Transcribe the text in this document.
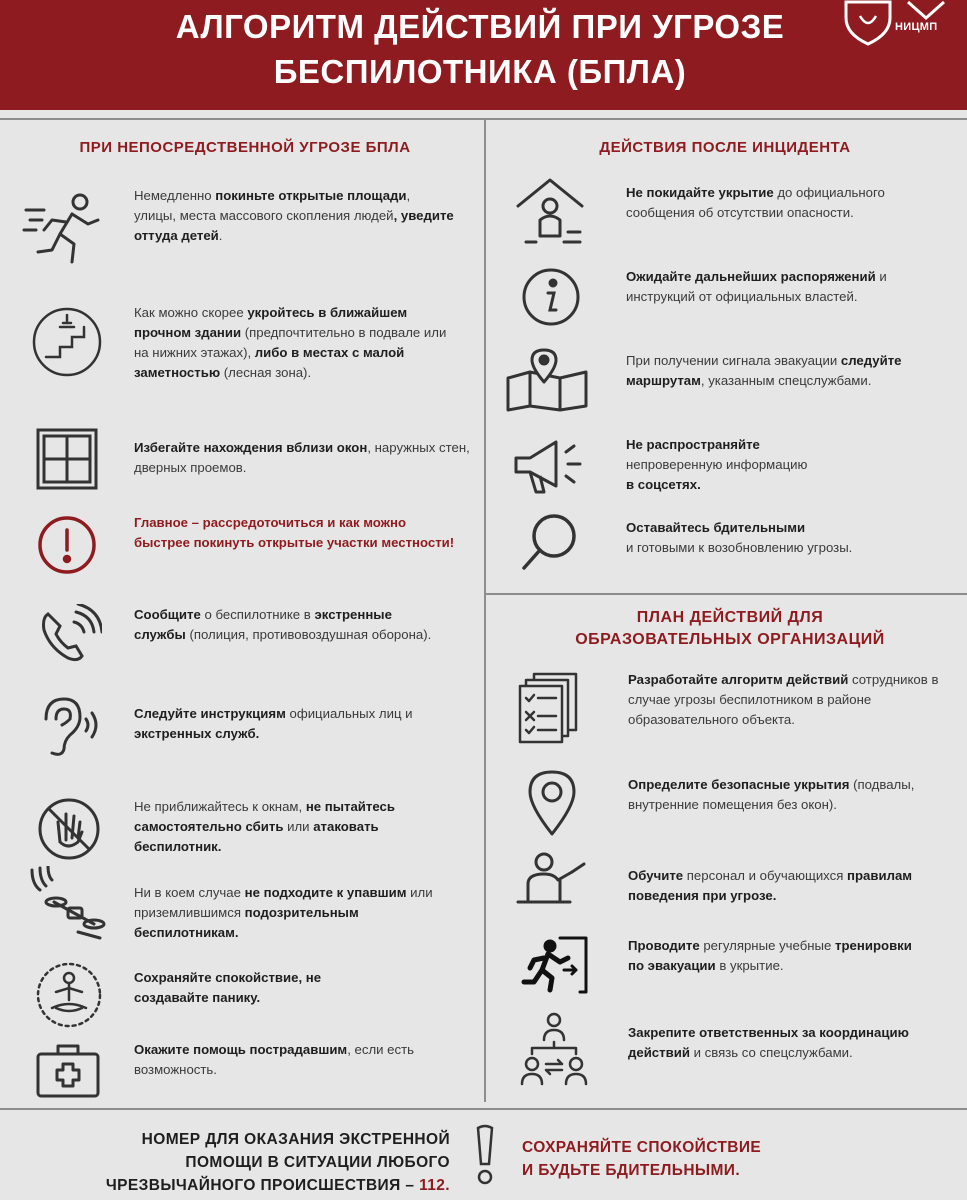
АЛГОРИТМ ДЕЙСТВИЙ ПРИ УГРОЗЕ
БЕСПИЛОТНИКА (БПЛА)
НИЦМП
ПРИ НЕПОСРЕДСТВЕННОЙ УГРОЗЕ БПЛА	ДЕЙСТВИЯ ПОСЛЕ ИНЦИДЕНТА
ПЛАН ДЕЙСТВИЙ ДЛЯ
ОБРАЗОВАТЕЛЬНЫХ ОРГАНИЗАЦИЙ
Немедленно покиньте открытые площади, улицы, места массового скопления людей, уведите оттуда детей.
Как можно скорее укройтесь в ближайшем прочном здании (предпочтительно в подвале или на нижних этажах), либо в местах с малой заметностью (лесная зона).
Избегайте нахождения вблизи окон, наружных стен, дверных проемов.
Главное – рассредоточиться и как можно быстрее покинуть открытые участки местности!
Сообщите о беспилотнике в экстренные службы (полиция, противовоздушная оборона).
Следуйте инструкциям официальных лиц и экстренных служб.
Не приближайтесь к окнам, не пытайтесь самостоятельно сбить или атаковать беспилотник.
Ни в коем случае не подходите к упавшим или приземлившимся подозрительным беспилотникам.
Сохраняйте спокойствие, не создавайте панику.
Окажите помощь пострадавшим, если есть возможность.
Не покидайте укрытие до официального сообщения об отсутствии опасности.
Ожидайте дальнейших распоряжений и инструкций от официальных властей.
При получении сигнала эвакуации следуйте маршрутам, указанным спецслужбами.
Не распространяйте
непроверенную информацию
в соцсетях.
Оставайтесь бдительными
и готовыми к возобновлению угрозы.
Разработайте алгоритм действий сотрудников в случае угрозы беспилотником в районе образовательного объекта.
Определите безопасные укрытия (подвалы, внутренние помещения без окон).
Обучите персонал и обучающихся правилам поведения при угрозе.
Проводите регулярные учебные тренировки по эвакуации в укрытие.
Закрепите ответственных за координацию действий и связь со спецслужбами.
НОМЕР ДЛЯ ОКАЗАНИЯ ЭКСТРЕННОЙ
ПОМОЩИ В СИТУАЦИИ ЛЮБОГО
ЧРЕЗВЫЧАЙНОГО ПРОИСШЕСТВИЯ – 112.
СОХРАНЯЙТЕ СПОКОЙСТВИЕ
И БУДЬТЕ БДИТЕЛЬНЫМИ.
